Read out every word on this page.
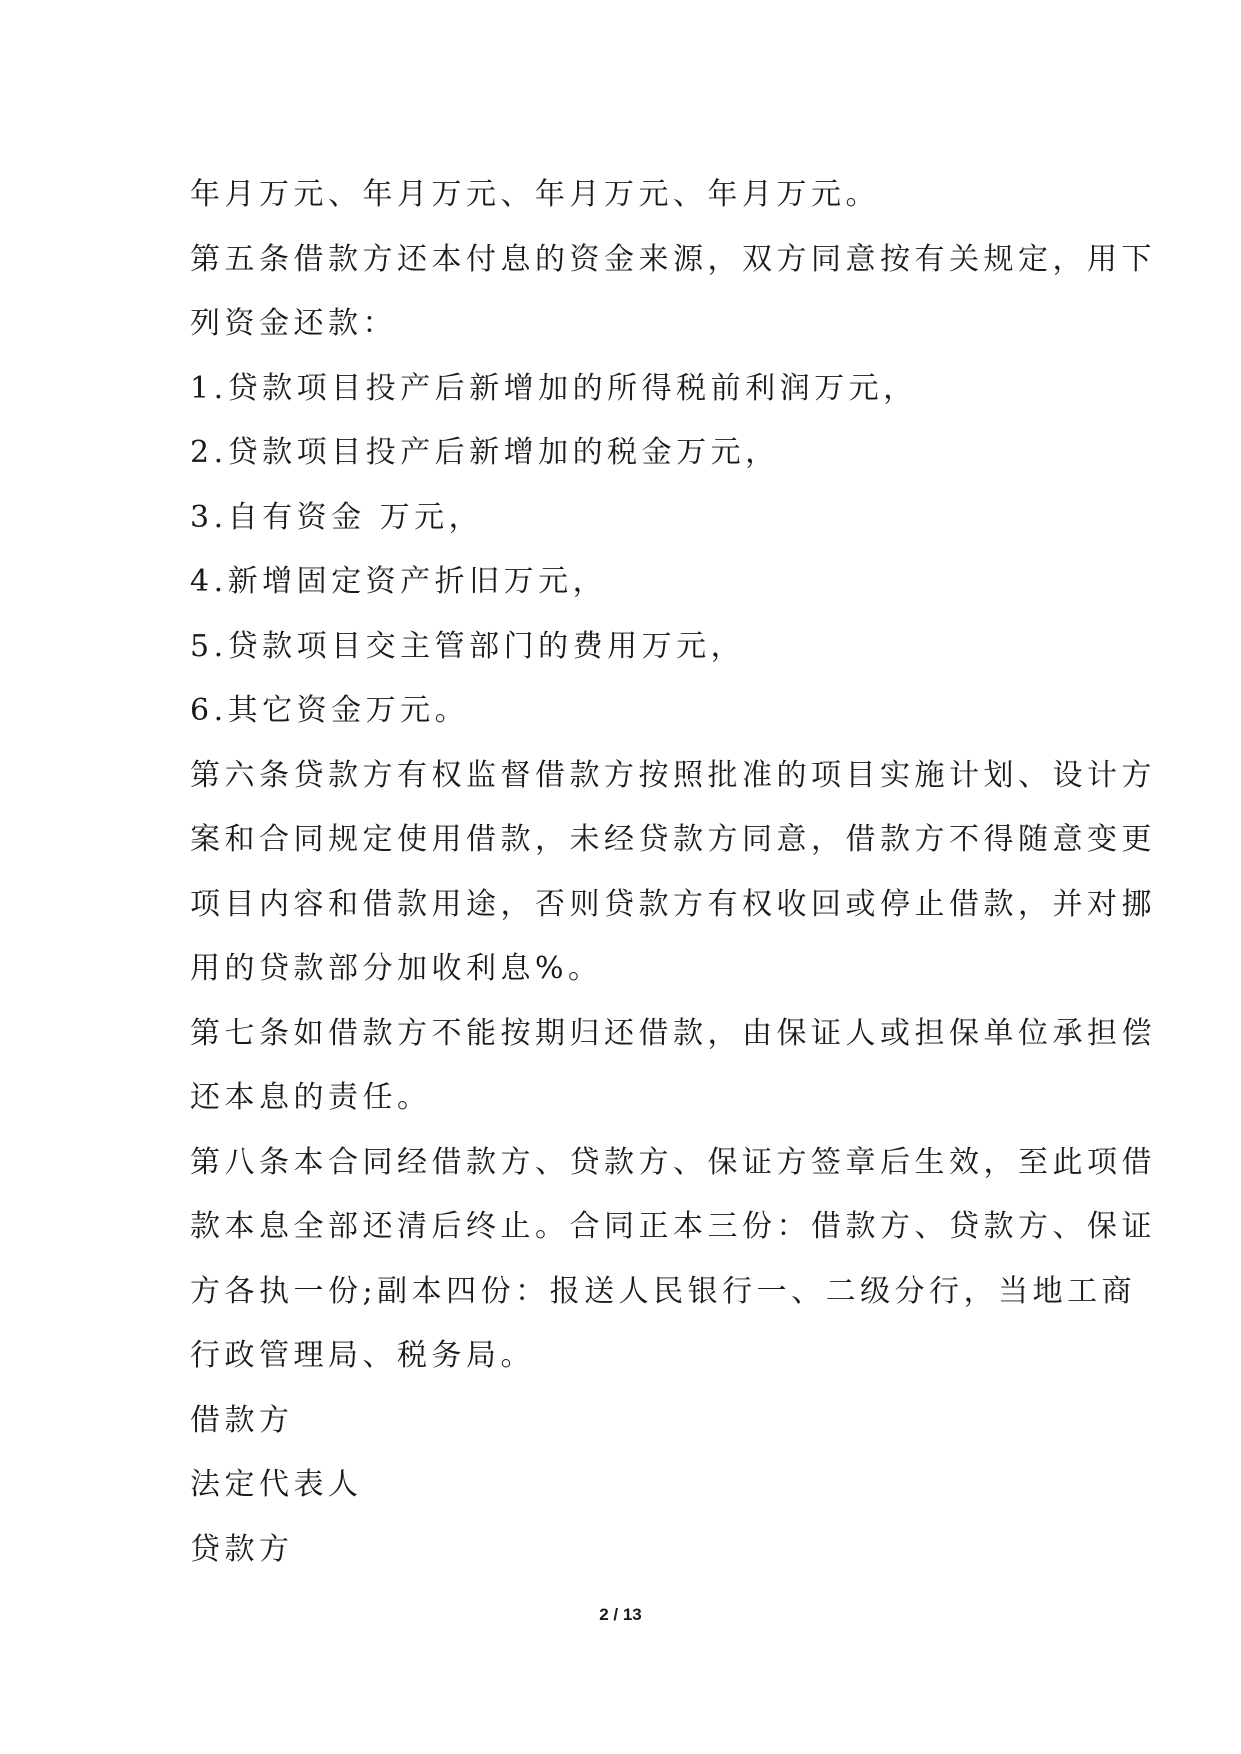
年月万元、年月万元、年月万元、年月万元。
第五条借款方还本付息的资金来源，双方同意按有关规定，用下
列资金还款：
1.贷款项目投产后新增加的所得税前利润万元，
2.贷款项目投产后新增加的税金万元，
3.自有资金 万元，
4.新增固定资产折旧万元，
5.贷款项目交主管部门的费用万元，
6.其它资金万元。
第六条贷款方有权监督借款方按照批准的项目实施计划、设计方
案和合同规定使用借款，未经贷款方同意，借款方不得随意变更
项目内容和借款用途，否则贷款方有权收回或停止借款，并对挪
用的贷款部分加收利息%。
第七条如借款方不能按期归还借款，由保证人或担保单位承担偿
还本息的责任。
第八条本合同经借款方、贷款方、保证方签章后生效，至此项借
款本息全部还清后终止。合同正本三份：借款方、贷款方、保证
方各执一份;副本四份：报送人民银行一、二级分行，当地工商
行政管理局、税务局。
借款方
法定代表人
贷款方
2 / 13
